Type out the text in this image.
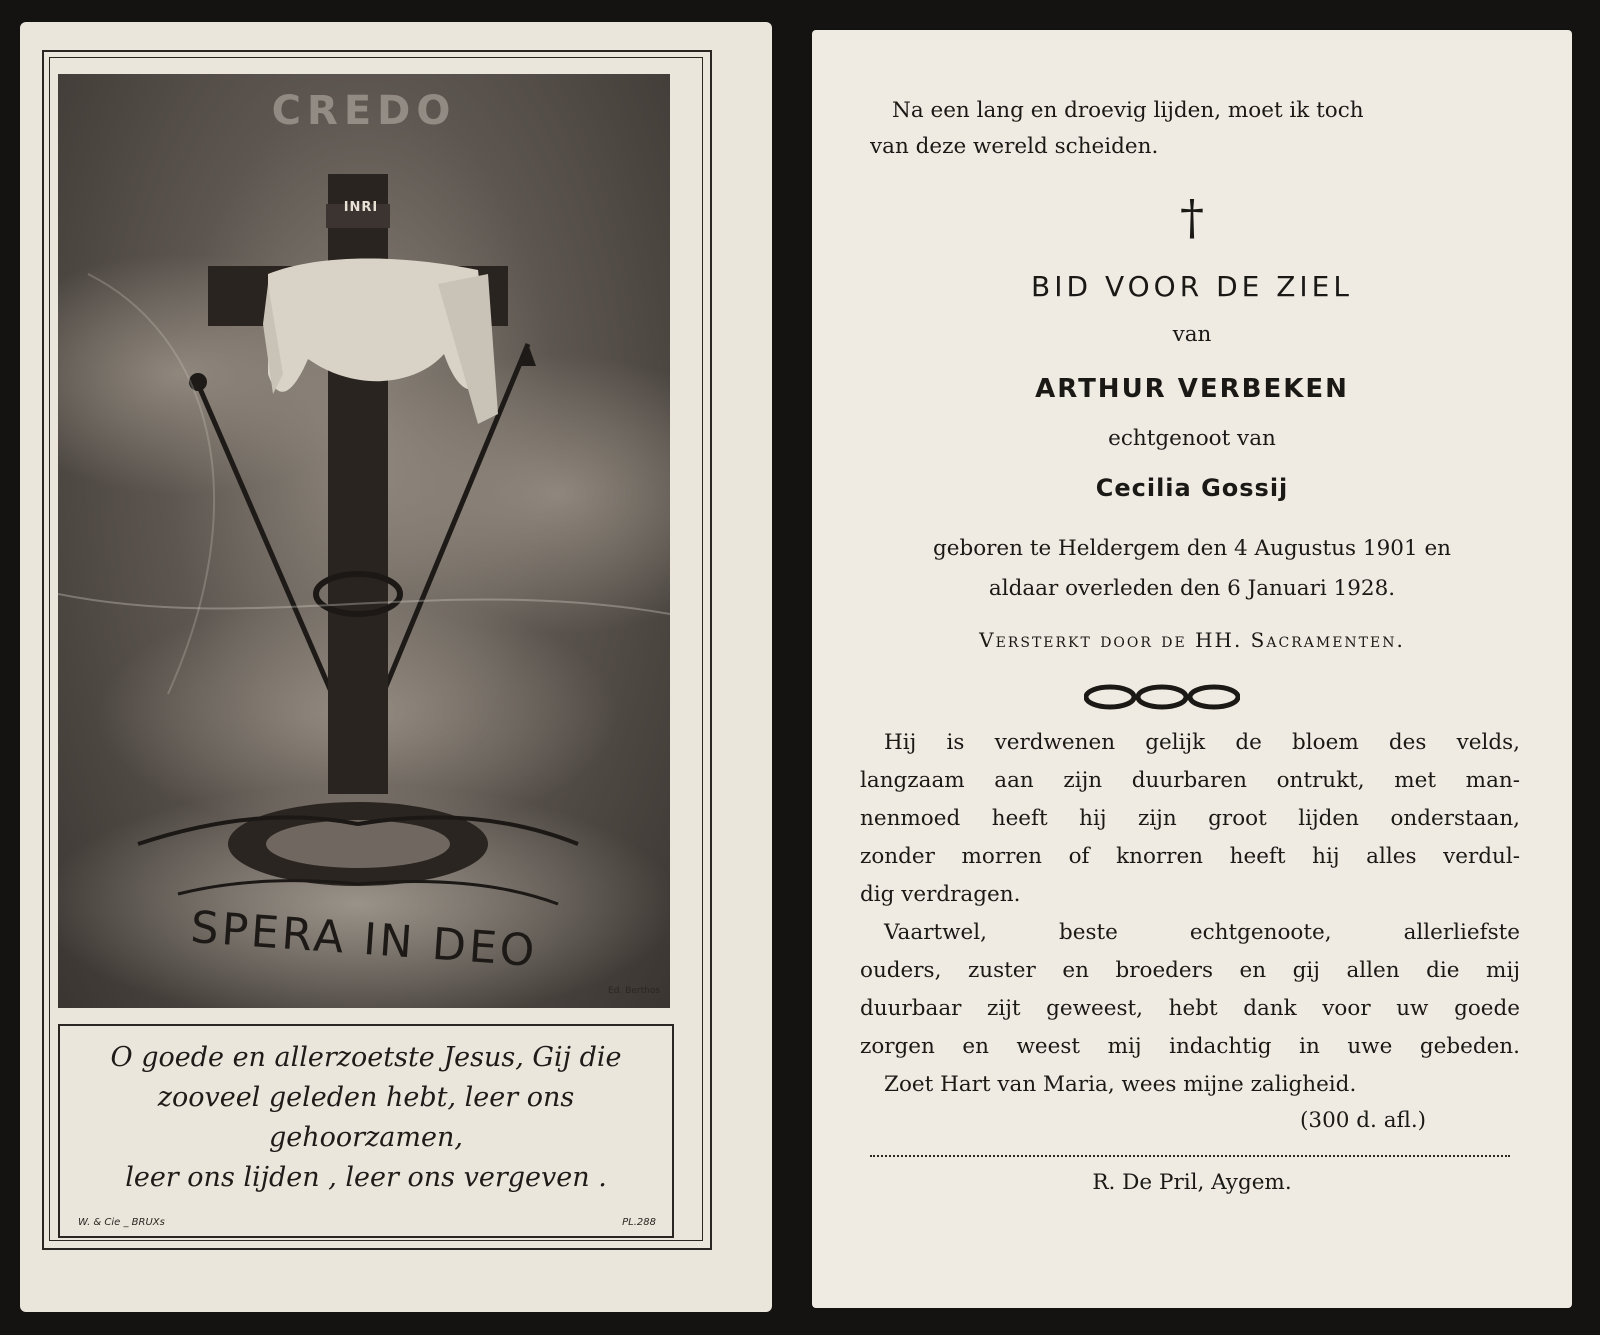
CREDO
INRI
SPERA IN DEO
Ed. Berthos
O goede en allerzoetste Jesus, Gij die
zooveel geleden hebt, leer ons gehoorzamen,
leer ons lijden , leer ons vergeven .
W. & Cie _ BRUXs	PL.288
Na een lang en droevig lijden, moet ik toch
van deze wereld scheiden.
†
BID VOOR DE ZIEL
van
ARTHUR VERBEKEN
echtgenoot van
Cecilia Gossij
geboren te Heldergem den 4 Augustus 1901 en
aldaar overleden den 6 Januari 1928.
Versterkt door de HH. Sacramenten.
Hij is verdwenen gelijk de bloem des velds,
langzaam aan zijn duurbaren ontrukt, met man-
nenmoed heeft hij zijn groot lijden onderstaan,
zonder morren of knorren heeft hij alles verdul-
dig verdragen.
Vaartwel, beste echtgenoote, allerliefste
ouders, zuster en broeders en gij allen die mij
duurbaar zijt geweest, hebt dank voor uw goede
zorgen en weest mij indachtig in uwe gebeden.
Zoet Hart van Maria, wees mijne zaligheid.
(300 d. afl.)
R. De Pril, Aygem.
